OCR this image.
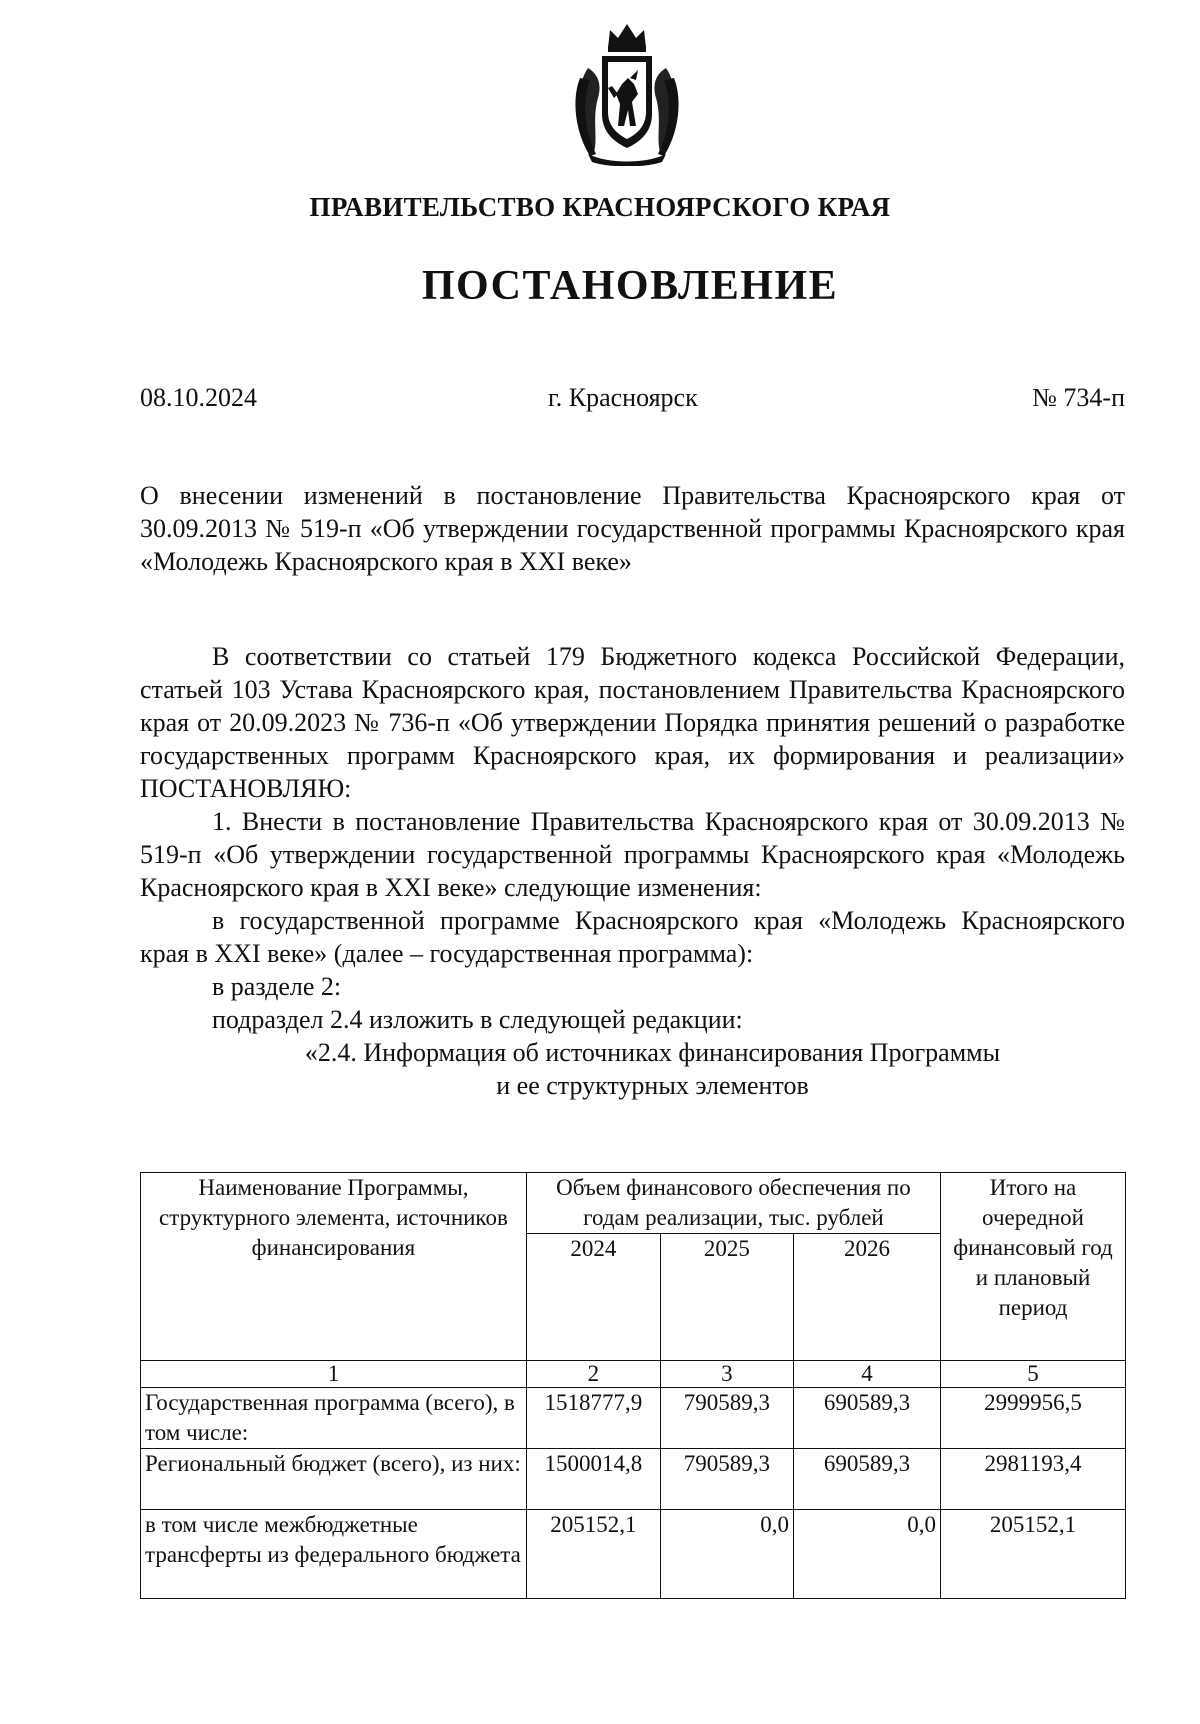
ПРАВИТЕЛЬСТВО КРАСНОЯРСКОГО КРАЯ
ПОСТАНОВЛЕНИЕ
08.10.2024	г. Красноярск	№ 734-п
О внесении изменений в постановление Правительства Красноярского края от 30.09.2013 № 519-п «Об утверждении государственной программы Красноярского края «Молодежь Красноярского края в XXI веке»

В соответствии со статьей 179 Бюджетного кодекса Российской Федерации, статьей 103 Устава Красноярского края, постановлением Правительства Красноярского края от 20.09.2023 № 736-п «Об утверждении Порядка принятия решений о разработке государственных программ Красноярского края, их формирования и реализации» ПОСТАНОВЛЯЮ:

1. Внести в постановление Правительства Красноярского края от 30.09.2013 № 519-п «Об утверждении государственной программы Красноярского края «Молодежь Красноярского края в XXI веке» следующие изменения:

в государственной программе Красноярского края «Молодежь Красноярского края в XXI веке» (далее – государственная программа):

в разделе 2:

подраздел 2.4 изложить в следующей редакции:

«2.4. Информация об источниках финансирования Программы
и ее структурных элементов
Наименование Программы, структурного элемента, источников финансирования	Объем финансового обеспечения по годам реализации, тыс. рублей			Итого на очередной финансовый год и плановый период
	2024	2025	2026	
1	2	3	4	5
Государственная программа (всего), в том числе:	1518777,9	790589,3	690589,3	2999956,5
Региональный бюджет (всего), из них:	1500014,8	790589,3	690589,3	2981193,4
в том числе межбюджетные трансферты из федерального бюджета	205152,1	0,0	0,0	205152,1
